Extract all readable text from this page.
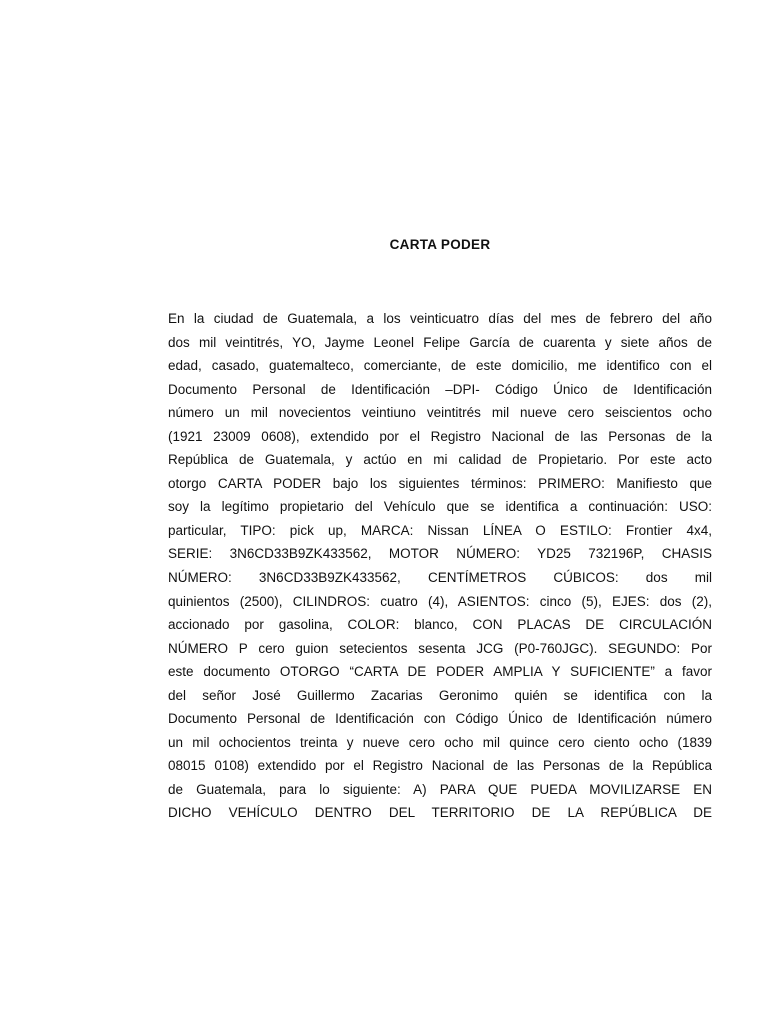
CARTA PODER
En la ciudad de Guatemala, a los veinticuatro días del mes de febrero del año
dos mil veintitrés, YO, Jayme Leonel Felipe García de cuarenta y siete años de
edad, casado, guatemalteco, comerciante, de este domicilio, me identifico con el
Documento Personal de Identificación –DPI- Código Único de Identificación
número un mil novecientos veintiuno veintitrés mil nueve cero seiscientos ocho
(1921 23009 0608), extendido por el Registro Nacional de las Personas de la
República de Guatemala, y actúo en mi calidad de Propietario. Por este acto
otorgo CARTA PODER bajo los siguientes términos: PRIMERO: Manifiesto que
soy la legítimo propietario del Vehículo que se identifica a continuación: USO:
particular, TIPO: pick up, MARCA: Nissan LÍNEA O ESTILO: Frontier 4x4,
SERIE: 3N6CD33B9ZK433562, MOTOR NÚMERO: YD25 732196P, CHASIS
NÚMERO: 3N6CD33B9ZK433562, CENTÍMETROS CÚBICOS: dos mil
quinientos (2500), CILINDROS: cuatro (4), ASIENTOS: cinco (5), EJES: dos (2),
accionado por gasolina, COLOR: blanco, CON PLACAS DE CIRCULACIÓN
NÚMERO P cero guion setecientos sesenta JCG (P0-760JGC). SEGUNDO: Por
este documento OTORGO “CARTA DE PODER AMPLIA Y SUFICIENTE” a favor
del señor José Guillermo Zacarias Geronimo quién se identifica con la
Documento Personal de Identificación con Código Único de Identificación número
un mil ochocientos treinta y nueve cero ocho mil quince cero ciento ocho (1839
08015 0108) extendido por el Registro Nacional de las Personas de la República
de Guatemala, para lo siguiente: A) PARA QUE PUEDA MOVILIZARSE EN
DICHO VEHÍCULO DENTRO DEL TERRITORIO DE LA REPÚBLICA DE
